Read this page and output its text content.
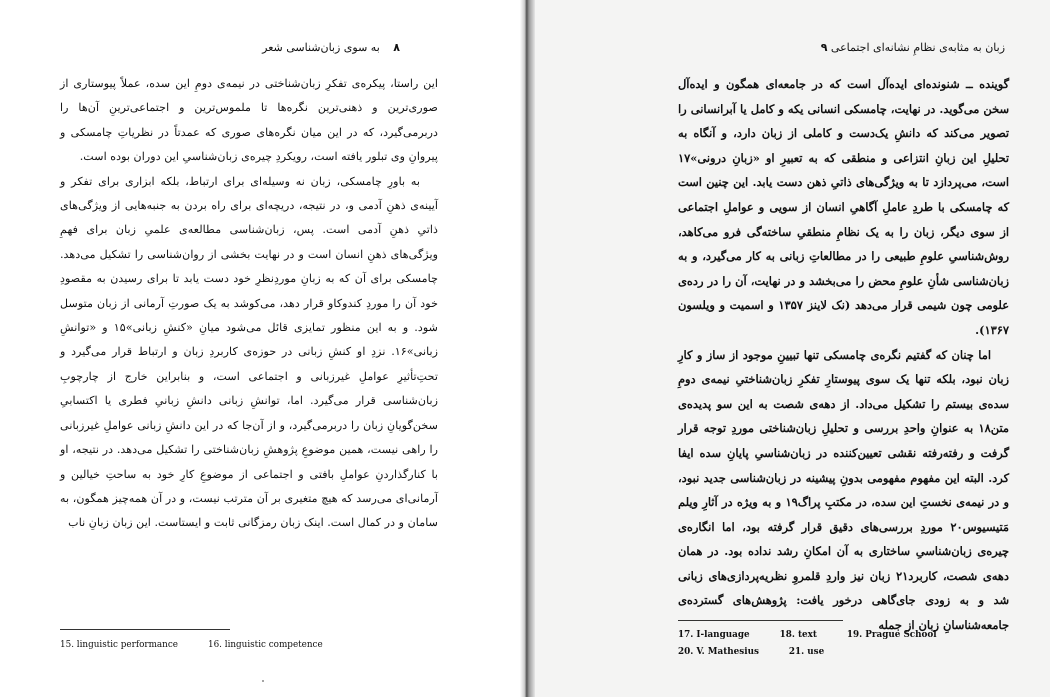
۸ به سوی زبان‌شناسی شعر

این راستا، پیکره‌ی تفکرِ زبان‌شناختی در نیمه‌ی دومِ این سده، عملاً پیوستاری از صوری‌ترین و ذهنی‌ترین نگره‌ها تا ملموس‌ترین و اجتماعی‌ترینِ آن‌ها را دربرمی‌گیرد، که در این میان نگره‌های صوری که عمدتاً در نظریاتِ چامسکی و پیروانِ وی تبلور یافته است، رویکردِ چیره‌ی زبان‌شناسیِ این دوران بوده است.

به باورِ چامسکی، زبان نه وسیله‌ای برای ارتباط، بلکه ابزاری برای تفکر و آیینه‌ی ذهنِ آدمی و، در نتیجه، دریچه‌ای برای راه بردن به جنبه‌هایی از ویژگی‌های ذاتیِ ذهنِ آدمی است. پس، زبان‌شناسی مطالعه‌ی علمیِ زبان برای فهمِ ویژگی‌های ذهنِ انسان است و در نهایت بخشی از روان‌شناسی را تشکیل می‌دهد. چامسکی برای آن که به زبانِ موردِنظرِ خود دست یابد تا برای رسیدن به مقصودِ خود آن را موردِ کندوکاو قرار دهد، می‌کوشد به یک صورتِ آرمانی از زبان متوسل شود. و به این منظور تمایزی قائل می‌شود میانِ «کنشِ زبانی»۱۵ و «توانشِ زبانی»۱۶. نزدِ او کنشِ زبانی در حوزه‌ی کاربردِ زبان و ارتباط قرار می‌گیرد و تحتِ‌تأثیرِ عواملِ غیرزبانی و اجتماعی است، و بنابراین خارج از چارچوبِ زبان‌شناسی قرار می‌گیرد. اما، توانشِ زبانی دانشِ زبانیِ فطری یا اکتسابیِ سخن‌گویانِ زبان را دربرمی‌گیرد، و از آن‌جا که در این دانشِ زبانی عواملِ غیرزبانی را راهی نیست، همین موضوعِ پژوهشِ زبان‌شناختی را تشکیل می‌دهد. در نتیجه، او با کنارگذاردنِ عواملِ بافتی و اجتماعی از موضوعِ کارِ خود به ساحتِ خیالین و آرمانی‌ای می‌رسد که هیچ متغیری بر آن مترتب نیست، و در آن همه‌چیز همگون، به سامان و در کمال است. اینک زبان رمزگانی ثابت و ایستاست. این زبان زبانِ ناب

15. linguistic performance	16. linguistic competence
زبان به مثابه‌ی نظامِ نشانه‌ای اجتماعی ۹

گوینده ــ شنونده‌ای ایده‌آل است که در جامعه‌ای همگون و ایده‌آل سخن می‌گوید. در نهایت، چامسکی انسانی یکه و کامل یا آبرانسانی را تصویر می‌کند که دانشِ یک‌دست و کاملی از زبان دارد، و آنگاه به تحلیلِ این زبانِ انتزاعی و منطقی که به تعبیرِ او «زبانِ درونی»۱۷ است، می‌پردازد تا به ویژگی‌های ذاتیِ ذهن دست یابد. این چنین است که چامسکی با طردِ عاملِ آگاهیِ انسان از سویی و عواملِ اجتماعی از سوی دیگر، زبان را به یک نظامِ منطقیِ ساخته‌گی فرو می‌کاهد، روش‌شناسیِ علومِ طبیعی را در مطالعاتِ زبانی به کار می‌گیرد، و به زبان‌شناسی شأنِ علومِ محض را می‌بخشد و در نهایت، آن را در رده‌ی علومی چون شیمی قرار می‌دهد (نک لاینز ۱۳۵۷ و اسمیت و ویلسون ۱۳۶۷).

اما چنان که گفتیم نگره‌ی چامسکی تنها تبیینِ موجود از ساز و کارِ زبان نبود، بلکه تنها یک سوی پیوستارِ تفکرِ زبان‌شناختیِ نیمه‌ی دومِ سده‌ی بیستم را تشکیل می‌داد. از دهه‌ی شصت به این سو پدیده‌ی متن۱۸ به عنوانِ واحدِ بررسی و تحلیلِ زبان‌شناختی موردِ توجه قرار گرفت و رفته‌رفته نقشی تعیین‌کننده در زبان‌شناسیِ پایانِ سده ایفا کرد. البته این مفهوم مفهومی بدونِ پیشینه در زبان‌شناسی جدید نبود، و در نیمه‌ی نخستِ این سده، در مکتبِ پراگ۱۹ و به ویژه در آثارِ ویلم مَتیسیوس۲۰ موردِ بررسی‌های دقیق قرار گرفته بود، اما انگاره‌ی چیره‌ی زبان‌شناسیِ ساختاری به آن امکانِ رشد نداده بود. در همان دهه‌ی شصت، کاربرد۲۱ زبان نیز واردِ قلمروِ نظریه‌پردازی‌های زبانی شد و به زودی جای‌گاهی درخور یافت: پژوهش‌های گسترده‌ی جامعه‌شناسانِ زبان از جمله

17. I-language	18. text	19. Prague School
20. V. Mathesius	21. use
